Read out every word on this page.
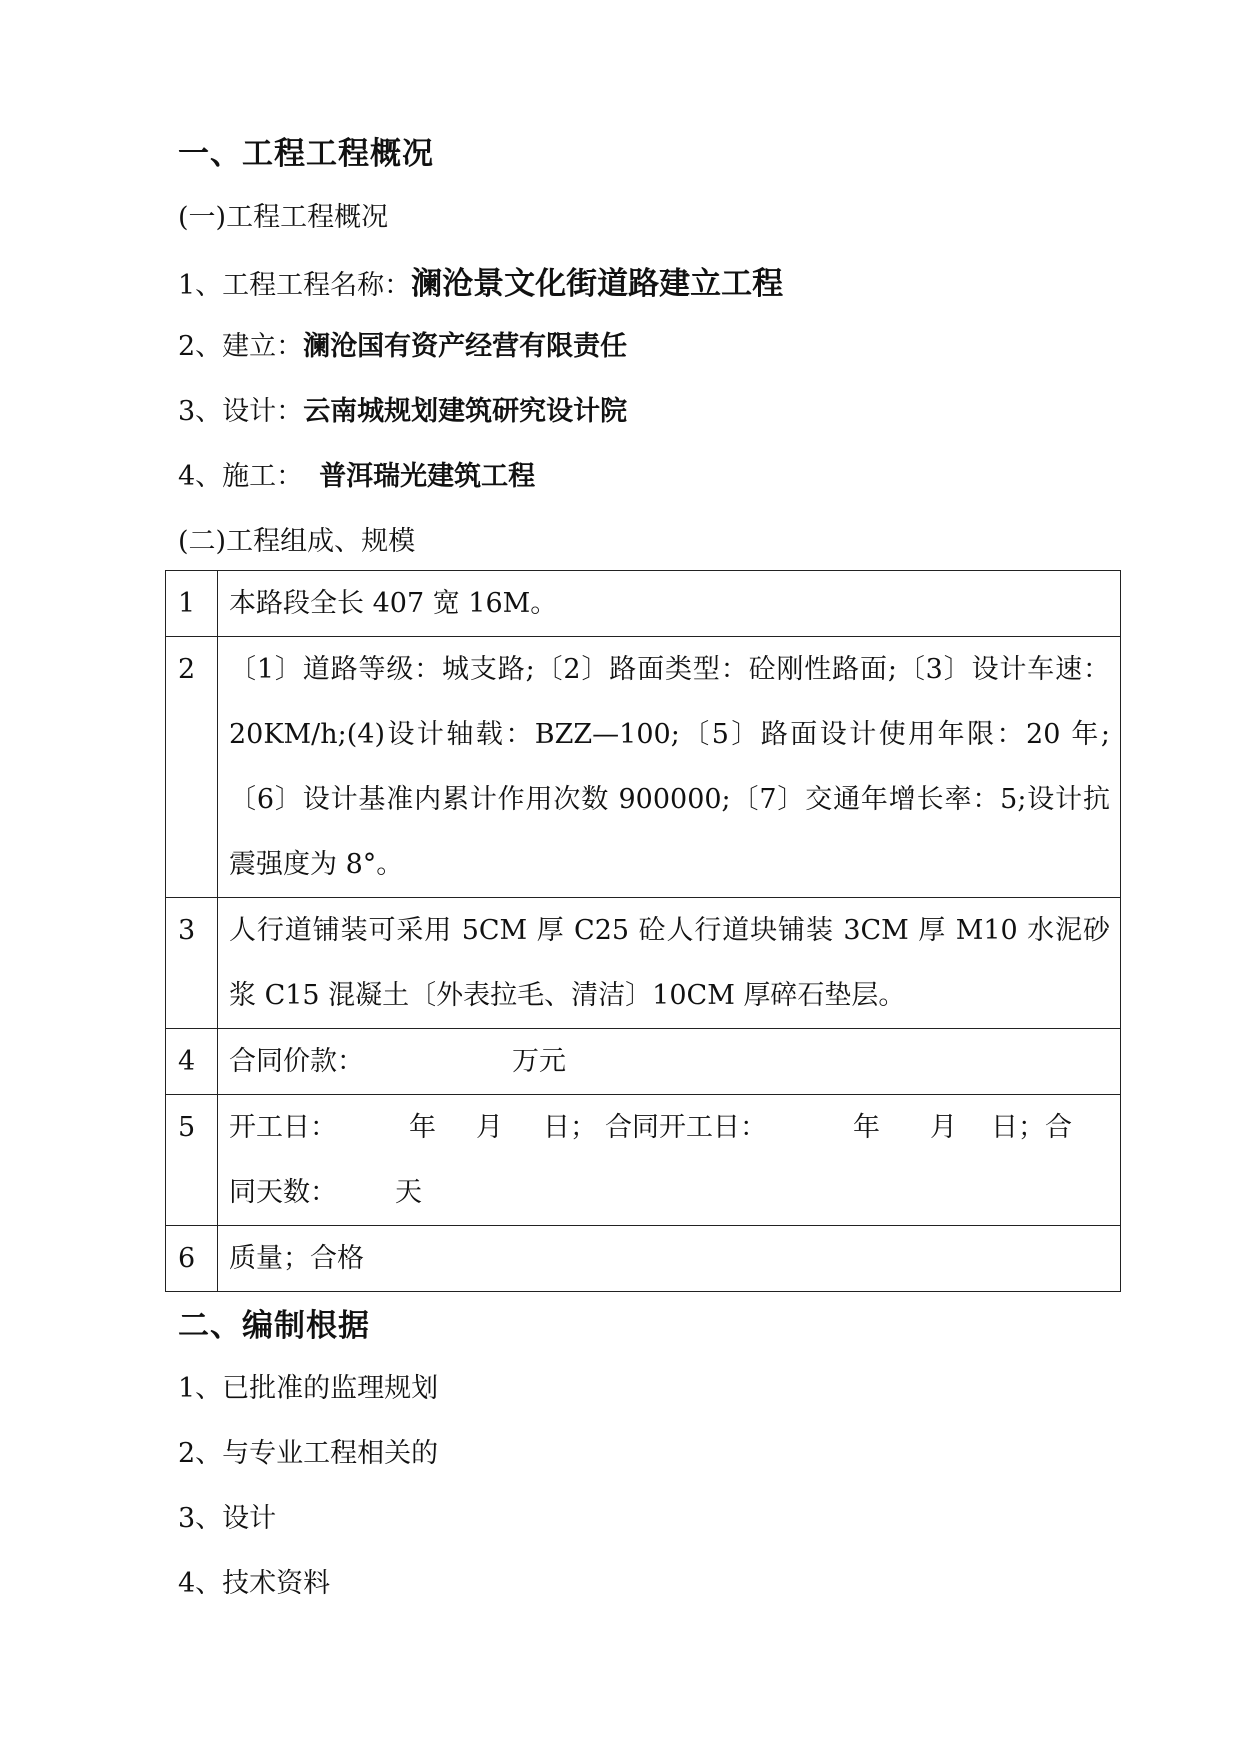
一、工程工程概况
(一)工程工程概况
1、工程工程名称：澜沧景文化街道路建立工程
2、建立：澜沧国有资产经营有限责任
3、设计：云南城规划建筑研究设计院
4、施工： 普洱瑞光建筑工程
(二)工程组成、规模
1	本路段全长 407 宽 16M。

2	〔1〕道路等级：城支路;〔2〕路面类型：砼刚性路面;〔3〕设计车速：20KM/h;(4)设计轴载：BZZ—100;〔5〕路面设计使用年限：20 年;〔6〕设计基准内累计作用次数 900000;〔7〕交通年增长率：5;设计抗震强度为 8°。

3	人行道铺装可采用 5CM 厚 C25 砼人行道块铺装 3CM 厚 M10 水泥砂浆 C15 混凝土〔外表拉毛、清洁〕10CM 厚碎石垫层。

4	合同价款： 万元

5	开工日： 年 月 日； 合同开工日： 年 月 日；合
同天数： 天

6	质量；合格
二、编制根据
1、已批准的监理规划
2、与专业工程相关的
3、设计
4、技术资料
